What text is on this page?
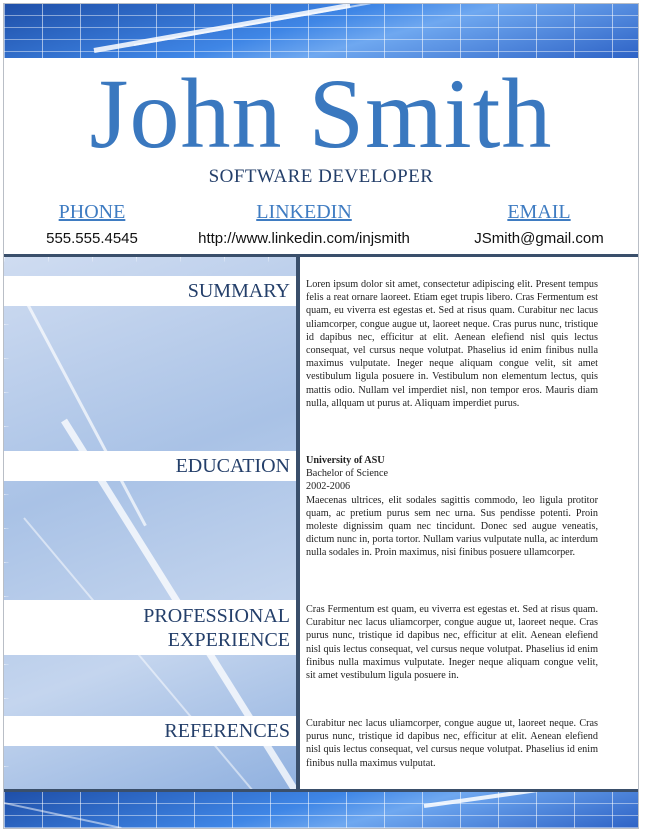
John Smith
SOFTWARE DEVELOPER
PHONE
555.555.4545
LINKEDIN
http://www.linkedin.com/injsmith
EMAIL
JSmith@gmail.com
SUMMARY
EDUCATION
PROFESSIONAL
EXPERIENCE
REFERENCES
Loren ipsum dolor sit amet, consectetur adipiscing elit. Present tempus felis a reat ornare laoreet. Etiam eget trupis libero. Cras Fermentum est quam, eu viverra est egestas et. Sed at risus quam. Curabitur nec lacus uliamcorper, congue augue ut, laoreet neque. Cras purus nunc, tristique id dapibus nec, efficitur at elit. Aenean elefiend nisl quis lectus consequat, vel cursus neque volutpat. Phaselius id enim finibus nulla maximus vulputate. Ineger neque aliquam congue velit, sit amet vestibulum ligula posuere in. Vestibulum non elementum lectus, quis mattis odio. Nullam vel imperdiet nisl, non tempor eros. Mauris diam nulla, allquam ut purus at. Aliquam imperdiet purus.
University of ASU
Bachelor of Science
2002-2006
Maecenas ultrices, elit sodales sagittis commodo, leo ligula protitor quam, ac pretium purus sem nec urna. Sus pendisse potenti. Proin moleste dignissim quam nec tincidunt. Donec sed augue veneatis, dictum nunc in, porta tortor. Nullam varius vulputate nulla, ac interdum nulla sodales in. Proin maximus, nisi finibus posuere ullamcorper.
Cras Fermentum est quam, eu viverra est egestas et. Sed at risus quam. Curabitur nec lacus uliamcorper, congue augue ut, laoreet neque. Cras purus nunc, tristique id dapibus nec, efficitur at elit. Aenean elefiend nisl quis lectus consequat, vel cursus neque volutpat. Phaselius id enim finibus nulla maximus vulputate. Ineger neque aliquam congue velit, sit amet vestibulum ligula posuere in.
Curabitur nec lacus uliamcorper, congue augue ut, laoreet neque. Cras purus nunc, tristique id dapibus nec, efficitur at elit. Aenean elefiend nisl quis lectus consequat, vel cursus neque volutpat. Phaselius id enim finibus nulla maximus vulputat.
